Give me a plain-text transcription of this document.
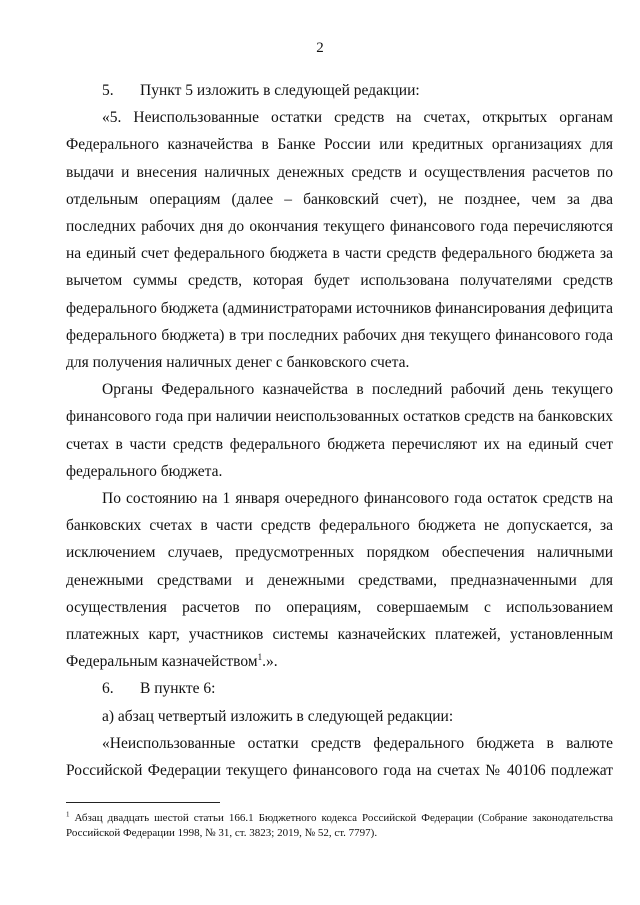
2

5. Пункт 5 изложить в следующей редакции:

«5. Неиспользованные остатки средств на счетах, открытых органам Федерального казначейства в Банке России или кредитных организациях для выдачи и внесения наличных денежных средств и осуществления расчетов по отдельным операциям (далее – банковский счет), не позднее, чем за два последних рабочих дня до окончания текущего финансового года перечисляются на единый счет федерального бюджета в части средств федерального бюджета за вычетом суммы средств, которая будет использована получателями средств федерального бюджета (администраторами источников финансирования дефицита федерального бюджета) в три последних рабочих дня текущего финансового года для получения наличных денег с банковского счета.

Органы Федерального казначейства в последний рабочий день текущего финансового года при наличии неиспользованных остатков средств на банковских счетах в части средств федерального бюджета перечисляют их на единый счет федерального бюджета.

По состоянию на 1 января очередного финансового года остаток средств на банковских счетах в части средств федерального бюджета не допускается, за исключением случаев, предусмотренных порядком обеспечения наличными денежными средствами и денежными средствами, предназначенными для осуществления расчетов по операциям, совершаемым с использованием платежных карт, участников системы казначейских платежей, установленным Федеральным казначейством$^1$.».

6. В пункте 6:

а) абзац четвертый изложить в следующей редакции:

«Неиспользованные остатки средств федерального бюджета в валюте Российской Федерации текущего финансового года на счетах № 40106 подлежат

$^1$ Абзац двадцать шестой статьи 166.1 Бюджетного кодекса Российской Федерации (Собрание законодательства Российской Федерации 1998, № 31, ст. 3823; 2019, № 52, ст. 7797).
